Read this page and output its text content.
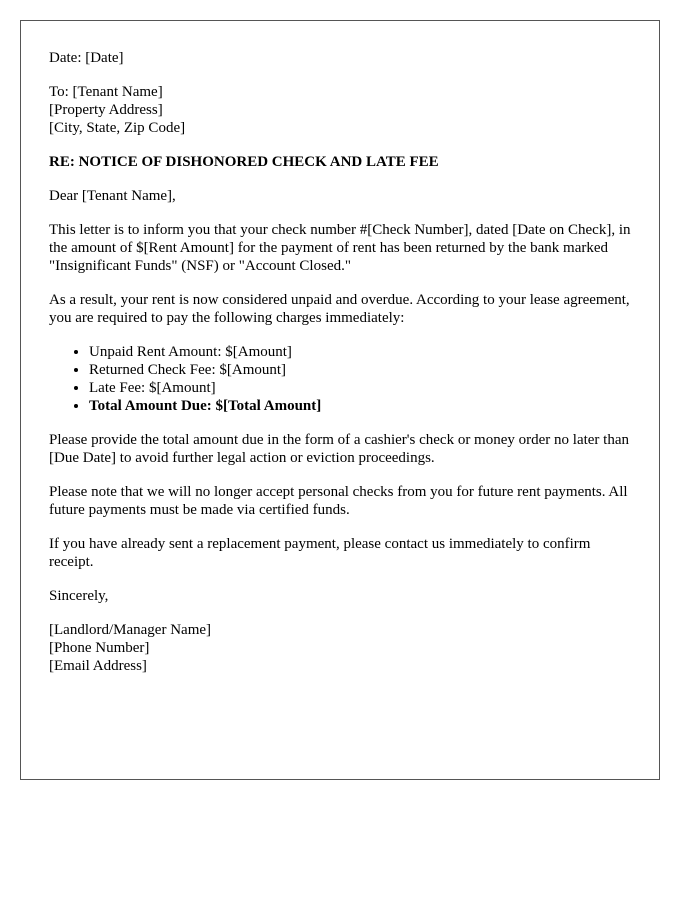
Date: [Date]
To: [Tenant Name]
[Property Address]
[City, State, Zip Code]
RE: NOTICE OF DISHONORED CHECK AND LATE FEE
Dear [Tenant Name],
This letter is to inform you that your check number #[Check Number], dated [Date on Check], in the amount of $[Rent Amount] for the payment of rent has been returned by the bank marked "Insignificant Funds" (NSF) or "Account Closed."
As a result, your rent is now considered unpaid and overdue. According to your lease agreement, you are required to pay the following charges immediately:
• Unpaid Rent Amount: $[Amount]
• Returned Check Fee: $[Amount]
• Late Fee: $[Amount]
• Total Amount Due: $[Total Amount]
Please provide the total amount due in the form of a cashier's check or money order no later than [Due Date] to avoid further legal action or eviction proceedings.
Please note that we will no longer accept personal checks from you for future rent payments. All future payments must be made via certified funds.
If you have already sent a replacement payment, please contact us immediately to confirm receipt.
Sincerely,
[Landlord/Manager Name]
[Phone Number]
[Email Address]
